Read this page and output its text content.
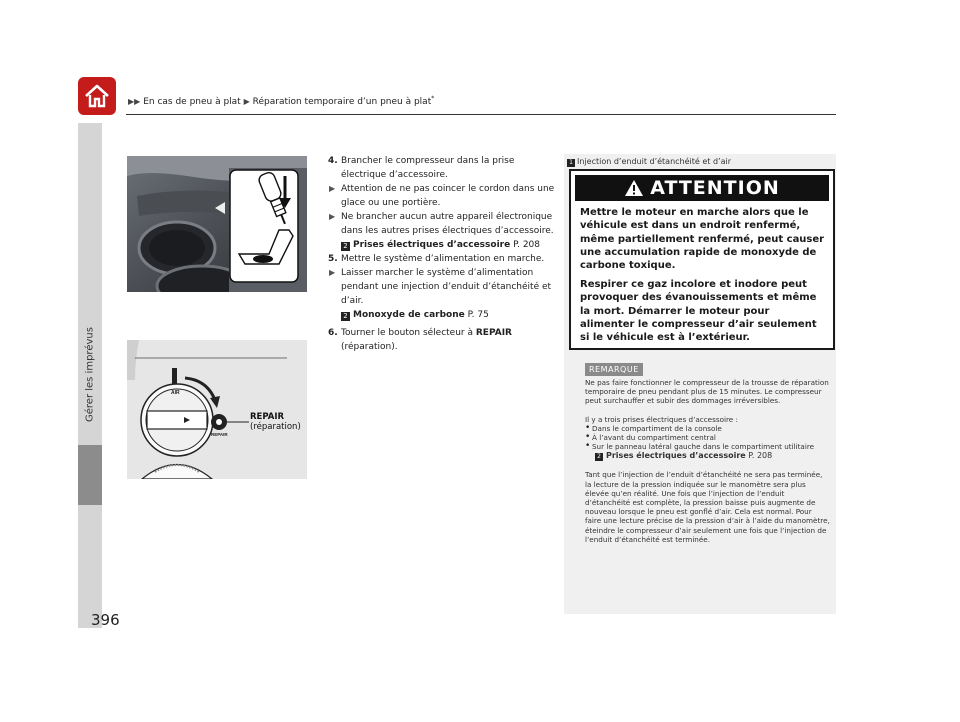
▶▶ En cas de pneu à plat ▶ Réparation temporaire d’un pneu à plat*
Gérer les imprévus
396
AIR
REPAIR
REPAIR
(réparation)
4. Brancher le compresseur dans la prise électrique d’accessoire.
▶ Attention de ne pas coincer le cordon dans une glace ou une portière.
▶ Ne brancher aucun autre appareil électronique dans les autres prises électriques d’accessoire.
2 Prises électriques d’accessoire P. 208
5. Mettre le système d’alimentation en marche.
▶ Laisser marcher le système d’alimentation pendant une injection d’enduit d’étanchéité et d’air.
2 Monoxyde de carbone P. 75
6. Tourner le bouton sélecteur à REPAIR
(réparation).
1 Injection d’enduit d’étanchéité et d’air
ATTENTION
Mettre le moteur en marche alors que le véhicule est dans un endroit renfermé, même partiellement renfermé, peut causer une accumulation rapide de monoxyde de carbone toxique.
Respirer ce gaz incolore et inodore peut provoquer des évanouissements et même la mort. Démarrer le moteur pour alimenter le compresseur d’air seulement si le véhicule est à l’extérieur.
REMARQUE
Ne pas faire fonctionner le compresseur de la trousse de réparation temporaire de pneu pendant plus de 15 minutes. Le compresseur peut surchauffer et subir des dommages irréversibles.
Il y a trois prises électriques d’accessoire :
• Dans le compartiment de la console
• À l’avant du compartiment central
• Sur le panneau latéral gauche dans le compartiment utilitaire
2 Prises électriques d’accessoire P. 208
Tant que l’injection de l’enduit d’étanchéité ne sera pas terminée, la lecture de la pression indiquée sur le manomètre sera plus élevée qu’en réalité. Une fois que l’injection de l’enduit d’étanchéité est complète, la pression baisse puis augmente de nouveau lorsque le pneu est gonflé d’air. Cela est normal. Pour faire une lecture précise de la pression d’air à l’aide du manomètre, éteindre le compresseur d’air seulement une fois que l’injection de l’enduit d’étanchéité est terminée.
